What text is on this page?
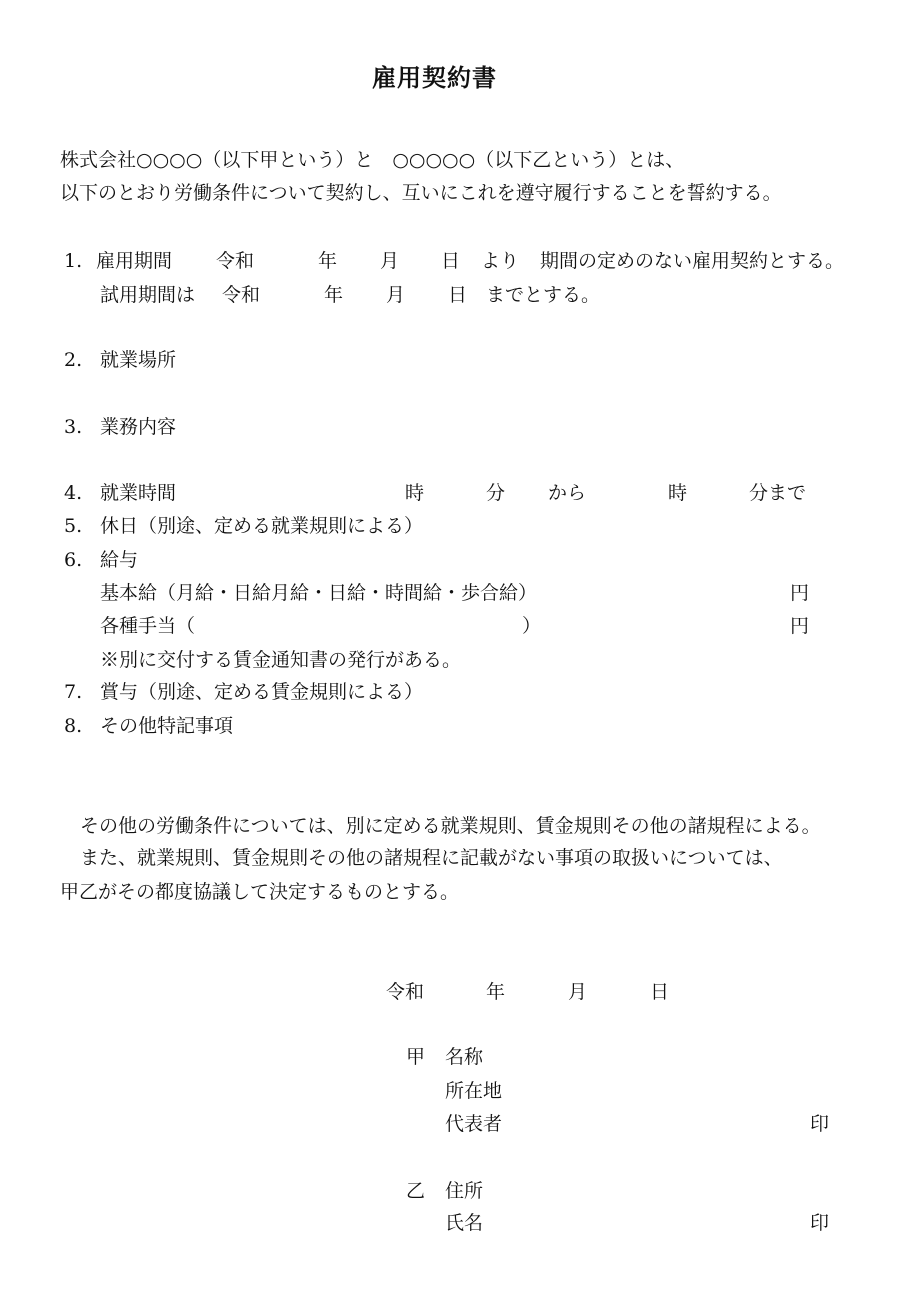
雇用契約書
株式会社○○○○（以下甲という）と　○○○○○（以下乙という）とは、
以下のとおり労働条件について契約し、互いにこれを遵守履行することを誓約する。
1. 雇用期間 令和	年 月 日 より 期間の定めのない雇用契約とする。
試用期間は 令和	年 月 日 までとする。
2. 就業場所
3. 業務内容
4. 就業時間	時	分 から	時	分まで
5. 休日（別途、定める就業規則による）
6. 給与
基本給（月給・日給月給・日給・時間給・歩合給）	円
各種手当（	）	円
※別に交付する賃金通知書の発行がある。
7. 賞与（別途、定める賃金規則による）
8. その他特記事項
その他の労働条件については、別に定める就業規則、賃金規則その他の諸規程による。
また、就業規則、賃金規則その他の諸規程に記載がない事項の取扱いについては、
甲乙がその都度協議して決定するものとする。
令和	年	月	日
甲 名称
所在地
代表者	印
乙 住所
氏名	印
